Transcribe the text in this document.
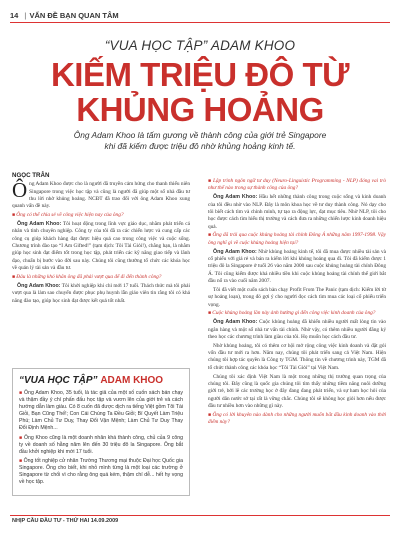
14 | VẤN ĐỀ BẠN QUAN TÂM
“VUA HỌC TẬP” ADAM KHOO
KIẾM TRIỆU ĐÔ TỪ
KHỦNG HOẢNG
Ông Adam Khoo là tấm gương về thành công của giới trẻ Singapore khi đã kiếm được triệu đô nhờ khủng hoảng kinh tế.
NGỌC TRÂN

Ông Adam Khoo được cho là người đã truyền cảm hứng cho thanh thiếu niên Singapore trong việc học tập và cũng là người đã giúp một số nhà đầu tư thu lời nhờ khủng hoảng. NCĐT đã trao đổi với ông Adam Khoo xung quanh vấn đề này.

■ Ông có thể chia sẻ về công việc hiện nay của ông?

Ông Adam Khoo: Tôi hoạt động trong lĩnh vực giáo dục, nhằm phát triển cá nhân và tinh chuyên nghiệp. Công ty của tôi đã ra các chiến lược và cung cấp các công cụ giúp khách hàng đạt được hiệu quả cao trong công việc và cuộc sống. Chương trình đào tạo “I Am Gifted!” (tạm dịch: Tôi Tài Giỏi!), chẳng hạn, là nhằm giúp học sinh đạt điểm tốt trong học tập, phát triển các kỹ năng giao tiếp và lãnh đạo, chuẩn bị bước vào đời sau này. Chúng tôi cũng thường tổ chức các khóa học về quản lý tài sản và đầu tư.

■ Đâu là những khó khăn ông đã phải vượt qua để đi đến thành công?

Ông Adam Khoo: Tôi khởi nghiệp khi chỉ mới 17 tuổi. Thách thức mà tôi phải vượt qua là làm sao chuyển được phục phụ huynh lẫn giáo viên tin rằng tôi có khả năng đào tạo, giúp học sinh đạt được kết quả tốt nhất.

“VUA HỌC TẬP” ADAM KHOO

■ Ông Adam Khoo, 35 tuổi, là tác giả của một số cuốn sách bán chạy và thậm đầy ý chí phấn đấu học tập và vươn lên của giới trẻ và cách hướng dẫn làm giàu. Có 8 cuốn đã được dịch ra tiếng Việt gồm Tôi Tài Giỏi, Bạn Cũng Thế!; Con Cái Chúng Ta Đều Giỏi; Bí Quyết Làm Triệu Phú; Làm Chủ Tư Duy, Thay Đổi Vận Mệnh; Làm Chủ Tư Duy Thay Đổi Định Mệnh...

■ Ông Khoo cũng là một doanh nhân khá thành công, chủ của 9 công ty về doanh số hằng năm lên đến 30 triệu đô la Singapore. Ông bắt đầu khởi nghiệp khi mới 17 tuổi.

■ Ông tốt nghiệp cử nhân Trường Thương mại thuộc Đại học Quốc gia Singapore. Ông cho biết, khi nhỏ mình từng là một loại các trường ở Singapore từ chối vì cho rằng ông quá kém, thậm chí dễ... hết hy vọng về học tập.

■ Lập trình ngôn ngữ tư duy (Neuro-Linguistic Programming - NLP) đóng vai trò như thế nào trong sự thành công của ông?

Ông Adam Khoo: Hầu hết những thành công trong cuộc sống và kinh doanh của tôi đều nhờ vào NLP. Đây là môn khoa học về tư duy thành công. Nó dạy cho tôi biết cách tìm và chinh minh, tự tạo ra động lực, đạt mục tiêu. Nhờ NLP, tôi cho học được cách tìm hiểu thị trường và cách đưa ra những chiến lược kinh doanh hiệu quả.

■ Ông đã trải qua cuộc khủng hoảng tài chính Đông Á những năm 1997-1998. Vậy ông nghĩ gì về cuộc khủng hoảng hiện tại?

Ông Adam Khoo: Nhờ khủng hoảng kinh tế, tôi đã mua được nhiều tài sản và cổ phiếu với giá rẻ và bán ra kiếm lời khi khủng hoảng qua đi. Tôi đã kiếm được 1 triệu đô la Singapore ở tuổi 26 vào năm 2000 sau cuộc khủng hoảng tài chính Đông Á. Tôi cũng kiếm được khá nhiều tiền khi cuộc khủng hoảng tài chính thế giới bắt đầu nổ ra vào cuối năm 2007.

Tôi đã viết một cuốn sách bàn chạy Profit From The Panic (tạm dịch: Kiếm lời từ sự hoảng loạn), trong đó gợi ý cho người đọc cách tìm mua các loại cổ phiếu triển vọng.

■ Cuộc khủng hoảng lần này ảnh hưởng gì đến công việc kinh doanh của ông?

Ông Adam Khoo: Cuộc khủng hoảng đã khiến nhiều người mất lòng tin vào ngân hàng và một số nhà tư vấn tài chính. Nhờ vậy, có thêm nhiều người đăng ký theo học các chương trình làm giàu của tôi. Họ muốn học cách đầu tư.

Nhờ khủng hoảng, tôi có thêm cơ hội mở rộng công việc kinh doanh và đặt gói vốn đầu tư mới ra hơn. Năm nay, chúng tôi phát triển sang cả Việt Nam. Hiện chúng tôi hợp tác quyền là Công ty TGM. Thông tin về chương trình này, TGM đã tổ chức thành công các khóa học “Tôi Tài Giỏi” tại Việt Nam.

Chúng tôi xác định Việt Nam là một trong những thị trường quan trọng của chúng tôi. Đây cũng là quốc gia chúng tôi tìm thấy những tiềm năng nuôi dưỡng giới trẻ, bởi lẽ các trường học ở đây đang đang phát triển, và sự ham học hỏi của người dân nước sở tại rất là vững chắc. Chúng tôi sẽ không học giỏi hơn nếu được đầu tư nhiều hơn vào những gì này.

■ Ông có lời khuyên nào dành cho những người muốn bắt đầu kinh doanh vào thời điểm này?

NHỊP CẦU ĐẦU TƯ - THỨ HAI 14.09.2009
